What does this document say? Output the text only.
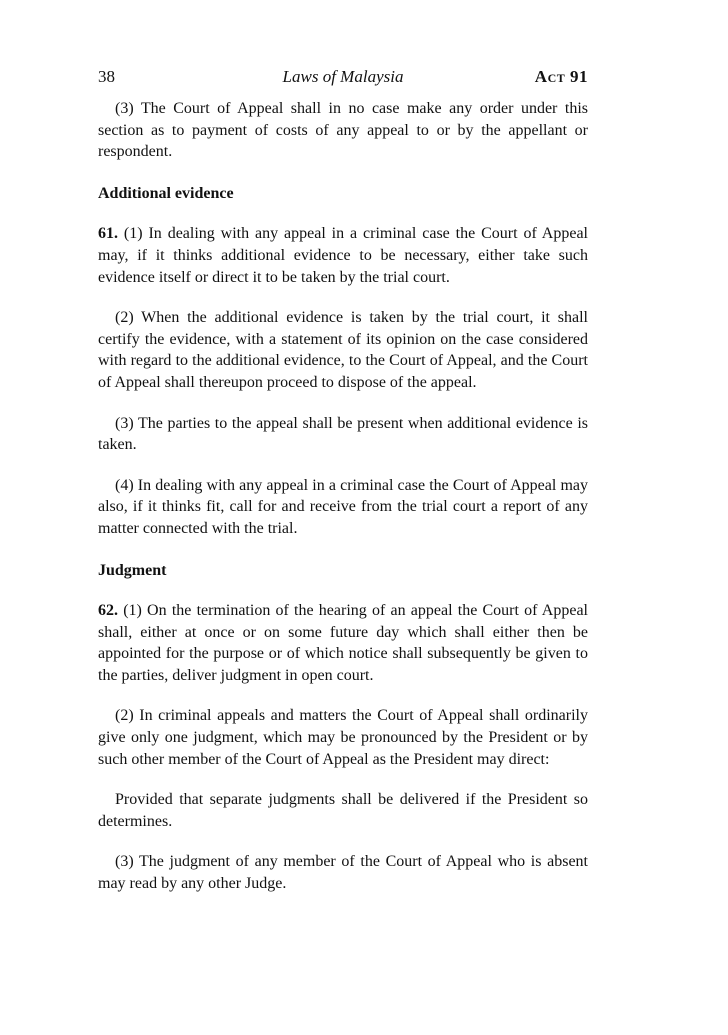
38	Laws of Malaysia	Act 91

(3) The Court of Appeal shall in no case make any order under this section as to payment of costs of any appeal to or by the appellant or respondent.

Additional evidence

61. (1) In dealing with any appeal in a criminal case the Court of Appeal may, if it thinks additional evidence to be necessary, either take such evidence itself or direct it to be taken by the trial court.

(2) When the additional evidence is taken by the trial court, it shall certify the evidence, with a statement of its opinion on the case considered with regard to the additional evidence, to the Court of Appeal, and the Court of Appeal shall thereupon proceed to dispose of the appeal.

(3) The parties to the appeal shall be present when additional evidence is taken.

(4) In dealing with any appeal in a criminal case the Court of Appeal may also, if it thinks fit, call for and receive from the trial court a report of any matter connected with the trial.

Judgment

62. (1) On the termination of the hearing of an appeal the Court of Appeal shall, either at once or on some future day which shall either then be appointed for the purpose or of which notice shall subsequently be given to the parties, deliver judgment in open court.

(2) In criminal appeals and matters the Court of Appeal shall ordinarily give only one judgment, which may be pronounced by the President or by such other member of the Court of Appeal as the President may direct:

Provided that separate judgments shall be delivered if the President so determines.

(3) The judgment of any member of the Court of Appeal who is absent may read by any other Judge.
